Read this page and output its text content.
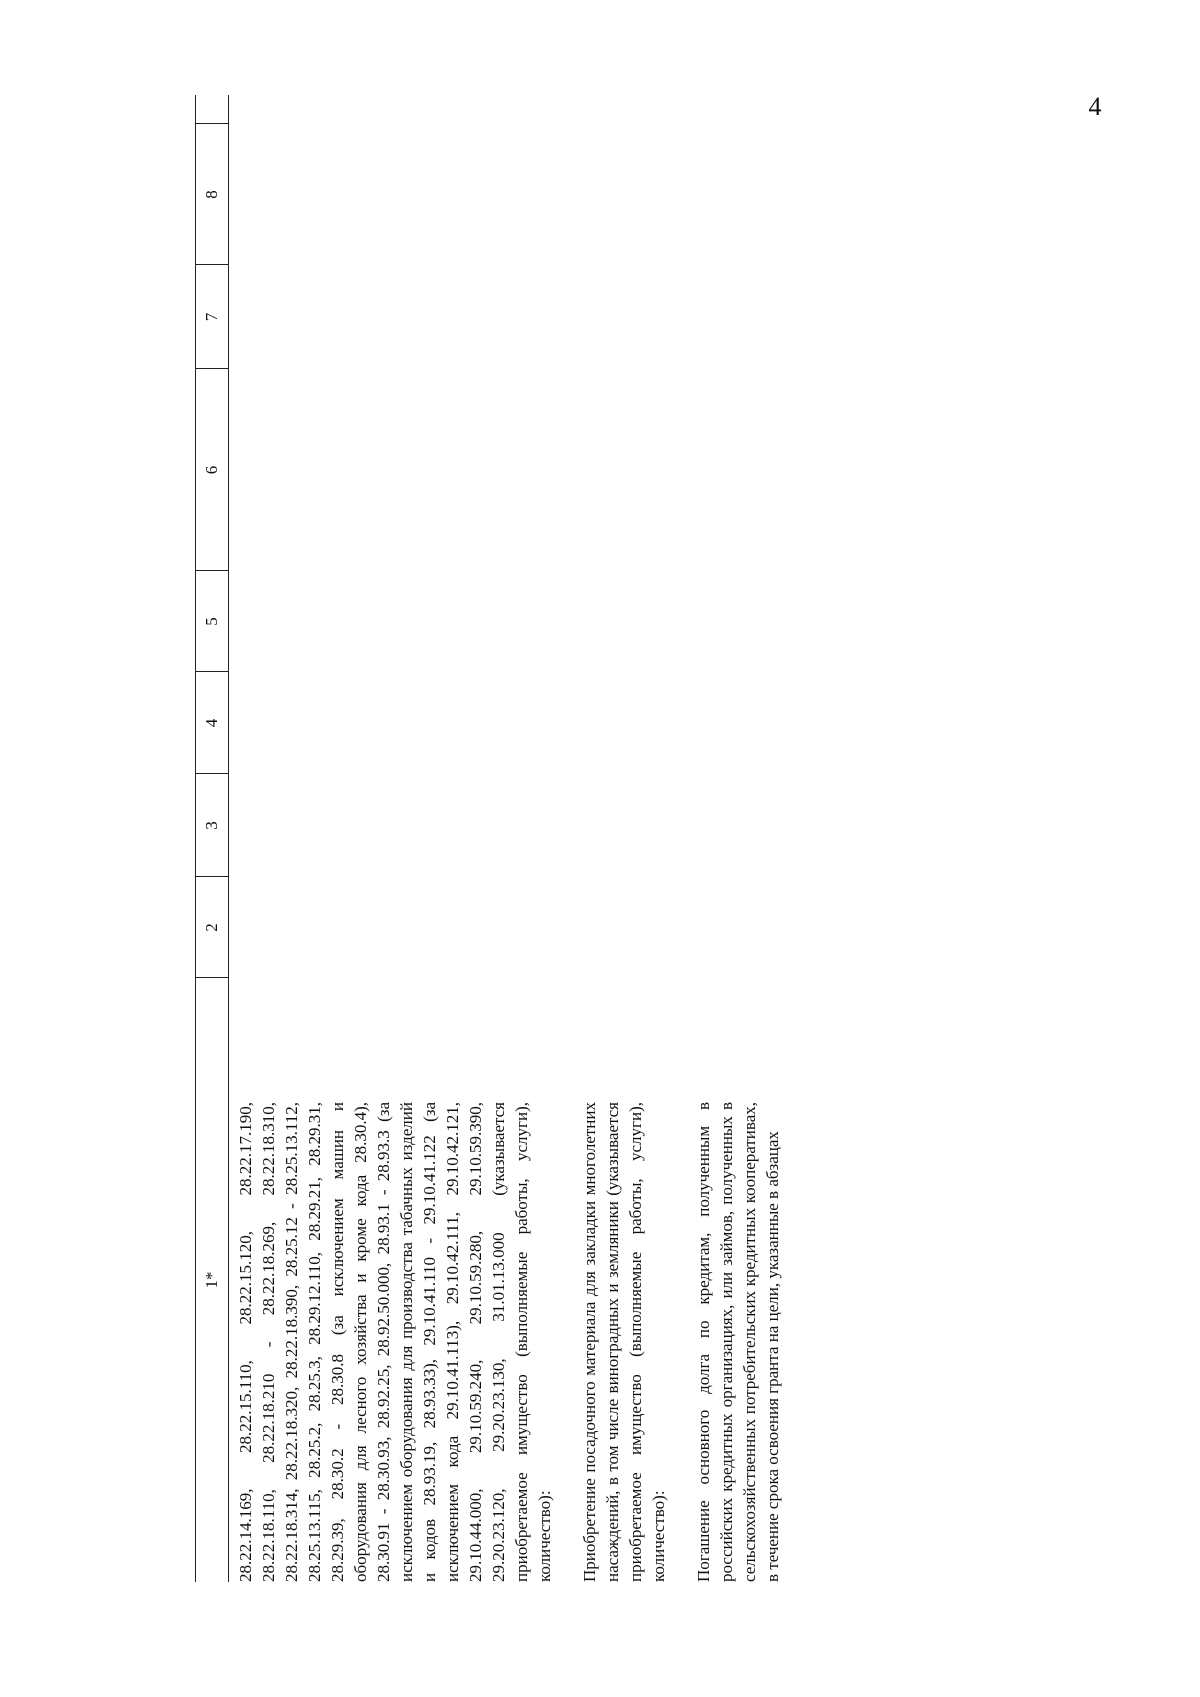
4
1*
2
3
4
5
6
7
8

28.22.14.169, 28.22.15.110, 28.22.15.120, 28.22.17.190, 28.22.18.110, 28.22.18.210 - 28.22.18.269, 28.22.18.310, 28.22.18.314, 28.22.18.320, 28.22.18.390, 28.25.12 - 28.25.13.112, 28.25.13.115, 28.25.2, 28.25.3, 28.29.12.110, 28.29.21, 28.29.31, 28.29.39, 28.30.2 - 28.30.8 (за исключением машин и оборудования для лесного хозяйства и кроме кода 28.30.4), 28.30.91 - 28.30.93, 28.92.25, 28.92.50.000, 28.93.1 - 28.93.3 (за исключением оборудования для производства табачных изделий и кодов 28.93.19, 28.93.33), 29.10.41.110 - 29.10.41.122 (за исключением кода 29.10.41.113), 29.10.42.111, 29.10.42.121, 29.10.44.000, 29.10.59.240, 29.10.59.280, 29.10.59.390, 29.20.23.120, 29.20.23.130, 31.01.13.000 (указывается приобретаемое имущество (выполняемые работы, услуги), количество): Приобретение посадочного материала для закладки многолетних насаждений, в том числе виноградных и земляники (указывается приобретаемое имущество (выполняемые работы, услуги), количество): Погашение основного долга по кредитам, полученным в российских кредитных организациях, или займов, полученных в сельскохозяйственных потребительских кредитных кооперативах, в течение срока освоения гранта на цели, указанные в абзацах
